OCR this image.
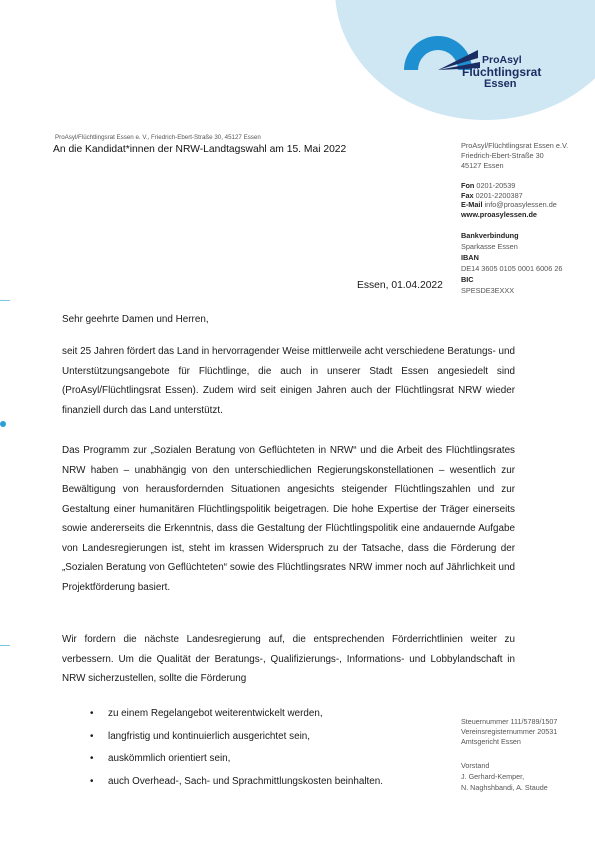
ProAsyl
Flüchtlingsrat
Essen
ProAsyl/Flüchtlingsrat Essen e. V., Friedrich-Ebert-Straße 30, 45127 Essen
An die Kandidat*innen der NRW-Landtagswahl am 15. Mai 2022	ProAsyl/Flüchtlingsrat Essen e.V.
Friedrich-Ebert-Straße 30
45127 Essen
Fon 0201-20539
Fax 0201-2200387
E-Mail info@proasylessen.de
www.proasylessen.de
Bankverbindung
Sparkasse Essen
IBAN
DE14 3605 0105 0001 6006 26
BIC
SPESDE3EXXX
Essen, 01.04.2022
Sehr geehrte Damen und Herren,
seit 25 Jahren fördert das Land in hervorragender Weise mittlerweile acht verschiedene Beratungs- und Unterstützungsangebote für Flüchtlinge, die auch in unserer Stadt Essen angesiedelt sind (ProAsyl/Flüchtlingsrat Essen). Zudem wird seit einigen Jahren auch der Flüchtlingsrat NRW wieder finanziell durch das Land unterstützt.
Das Programm zur „Sozialen Beratung von Geflüchteten in NRW“ und die Arbeit des Flüchtlingsrates NRW haben – unabhängig von den unterschiedlichen Regierungskonstellationen – wesentlich zur Bewältigung von herausfordernden Situationen angesichts steigender Flüchtlingszahlen und zur Gestaltung einer humanitären Flüchtlingspolitik beigetragen. Die hohe Expertise der Träger einerseits sowie andererseits die Erkenntnis, dass die Gestaltung der Flüchtlingspolitik eine andauernde Aufgabe von Landesregierungen ist, steht im krassen Widerspruch zu der Tatsache, dass die Förderung der „Sozialen Beratung von Geflüchteten“ sowie des Flüchtlingsrates NRW immer noch auf Jährlichkeit und Projektförderung basiert.
Wir fordern die nächste Landesregierung auf, die entsprechenden Förderrichtlinien weiter zu verbessern. Um die Qualität der Beratungs-, Qualifizierungs-, Informations- und Lobbylandschaft in NRW sicherzustellen, sollte die Förderung
• zu einem Regelangebot weiterentwickelt werden,
• langfristig und kontinuierlich ausgerichtet sein,
• auskömmlich orientiert sein,
• auch Overhead-, Sach- und Sprachmittlungskosten beinhalten.
Steuernummer 111/5789/1507
Vereinsregisternummer 20531
Amtsgericht Essen
Vorstand
J. Gerhard-Kemper,
N. Naghshbandi, A. Staude
